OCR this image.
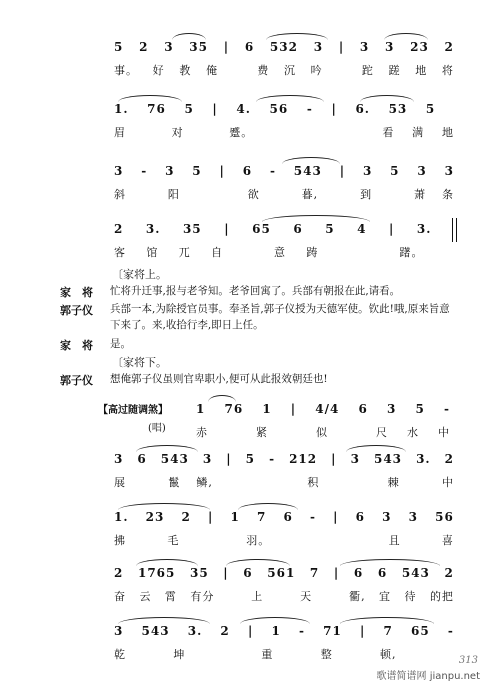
5 2 3 35 | 6 532 3 | 3 3 23 2
事。 好 教 俺	费 沉 吟	跎 蹉 地 将
1. 76 5 | 4. 56 - | 6. 53 5
眉	对	蹙。	看 满 地
3 - 3 5 | 6 - 543 | 3 5 3 3
斜	阳	欲	暮,	到	萧 条
2 3. 35 | 65 6 5 4 | 3.
客 馆 兀 自	意 踌	躇。
〔家将上。
家　将	忙将升迁事,报与老爷知。老爷回寓了。兵部有朝报在此,请看。
郭子仪	兵部一本,为除授官员事。奉圣旨,郭子仪授为天德军使。钦此!哦,原来旨意下来了。来,收拾行李,即日上任。
家　将	是。
〔家将下。
郭子仪	想俺郭子仪虽则官卑职小,便可从此报效朝廷也!
【高过随调煞】
(唱)
1 76 1 | 4/4 6 3 5 -
赤	紧	似	尺 水 中
3 6 543 3 | 5 - 212 | 3 543 3. 2
展	鬣 鳞,	积	棘	中
1. 23 2 | 1 7 6 - | 6 3 3 56
拂	毛	羽。	且	喜
2 1765 35 | 6 561 7 | 6 6 543 2
奋 云 霄 有分	上	天	衢, 宜 待 的把
3 543 3. 2 | 1 - 71 | 7 65 -
乾	坤	重	整	顿,	313
歌谱简谱网 jianpu.net
